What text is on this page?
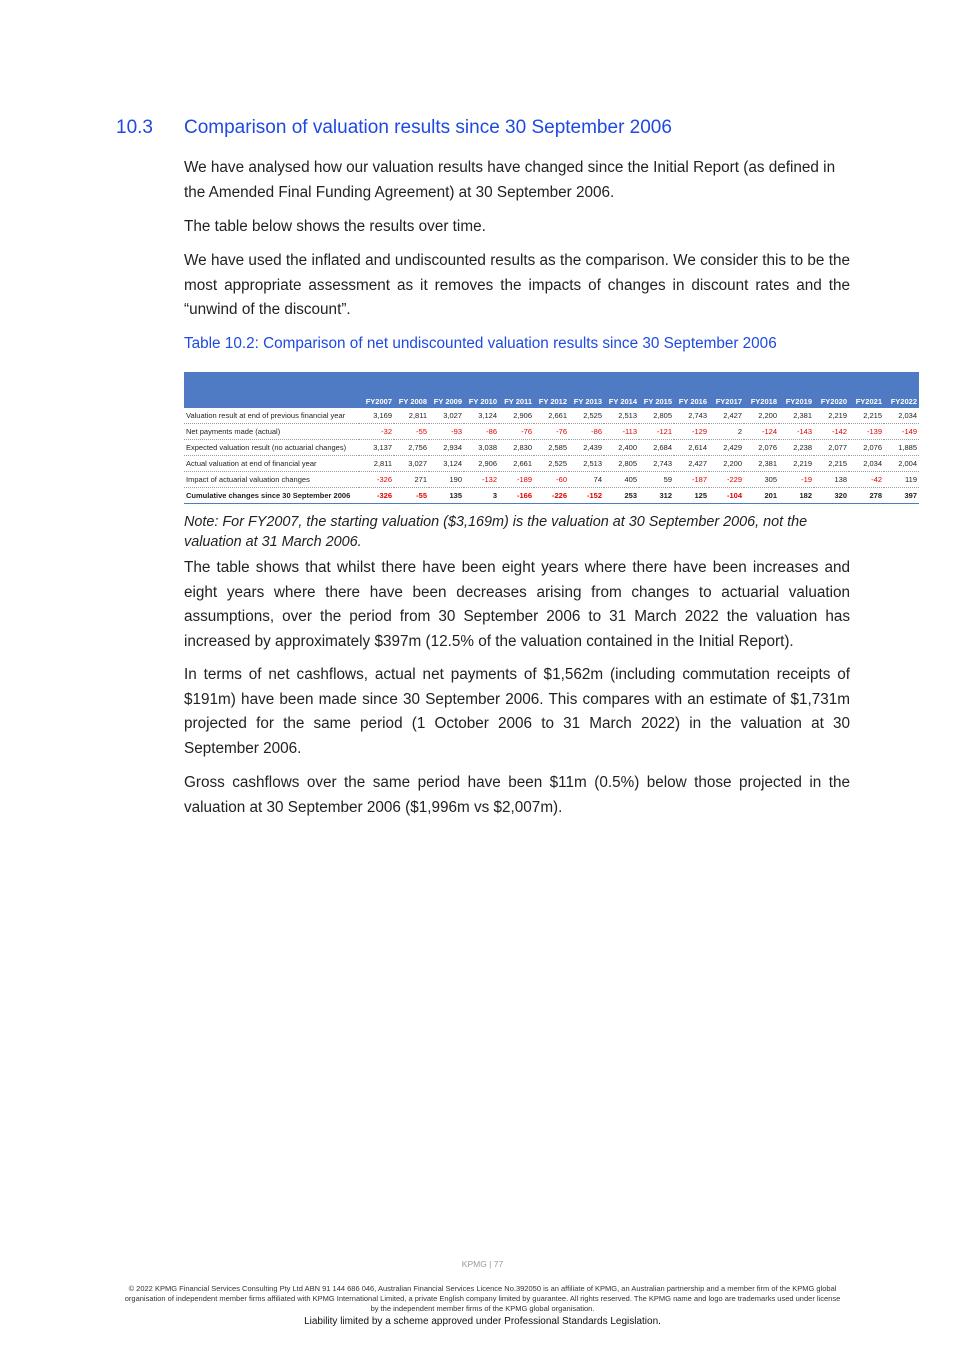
10.3 Comparison of valuation results since 30 September 2006

We have analysed how our valuation results have changed since the Initial Report (as defined in the Amended Final Funding Agreement) at 30 September 2006.

The table below shows the results over time.

We have used the inflated and undiscounted results as the comparison. We consider this to be the most appropriate assessment as it removes the impacts of changes in discount rates and the “unwind of the discount”.

Table 10.2: Comparison of net undiscounted valuation results since 30 September 2006
	FY2007	FY 2008	FY 2009	FY 2010	FY 2011	FY 2012	FY 2013	FY 2014	FY 2015	FY 2016	FY2017	FY2018	FY2019	FY2020	FY2021	FY2022
Valuation result at end of previous financial year	3,169	2,811	3,027	3,124	2,906	2,661	2,525	2,513	2,805	2,743	2,427	2,200	2,381	2,219	2,215	2,034
Net payments made (actual)	-32	-55	-93	-86	-76	-76	-86	-113	-121	-129	2	-124	-143	-142	-139	-149
Expected valuation result (no actuarial changes)	3,137	2,756	2,934	3,038	2,830	2,585	2,439	2,400	2,684	2,614	2,429	2,076	2,238	2,077	2,076	1,885
Actual valuation at end of financial year	2,811	3,027	3,124	2,906	2,661	2,525	2,513	2,805	2,743	2,427	2,200	2,381	2,219	2,215	2,034	2,004
Impact of actuarial valuation changes	-326	271	190	-132	-189	-60	74	405	59	-187	-229	305	-19	138	-42	119
Cumulative changes since 30 September 2006	-326	-55	135	3	-166	-226	-152	253	312	125	-104	201	182	320	278	397

Note: For FY2007, the starting valuation ($3,169m) is the valuation at 30 September 2006, not the valuation at 31 March 2006.

The table shows that whilst there have been eight years where there have been increases and eight years where there have been decreases arising from changes to actuarial valuation assumptions, over the period from 30 September 2006 to 31 March 2022 the valuation has increased by approximately $397m (12.5% of the valuation contained in the Initial Report).

In terms of net cashflows, actual net payments of $1,562m (including commutation receipts of $191m) have been made since 30 September 2006. This compares with an estimate of $1,731m projected for the same period (1 October 2006 to 31 March 2022) in the valuation at 30 September 2006.

Gross cashflows over the same period have been $11m (0.5%) below those projected in the valuation at 30 September 2006 ($1,996m vs $2,007m).

KPMG | 77

© 2022 KPMG Financial Services Consulting Pty Ltd ABN 91 144 686 046, Australian Financial Services Licence No.392050 is an affiliate of KPMG, an Australian partnership and a member firm of the KPMG global organisation of independent member firms affiliated with KPMG International Limited, a private English company limited by guarantee. All rights reserved. The KPMG name and logo are trademarks used under license by the independent member firms of the KPMG global organisation.

Liability limited by a scheme approved under Professional Standards Legislation.
